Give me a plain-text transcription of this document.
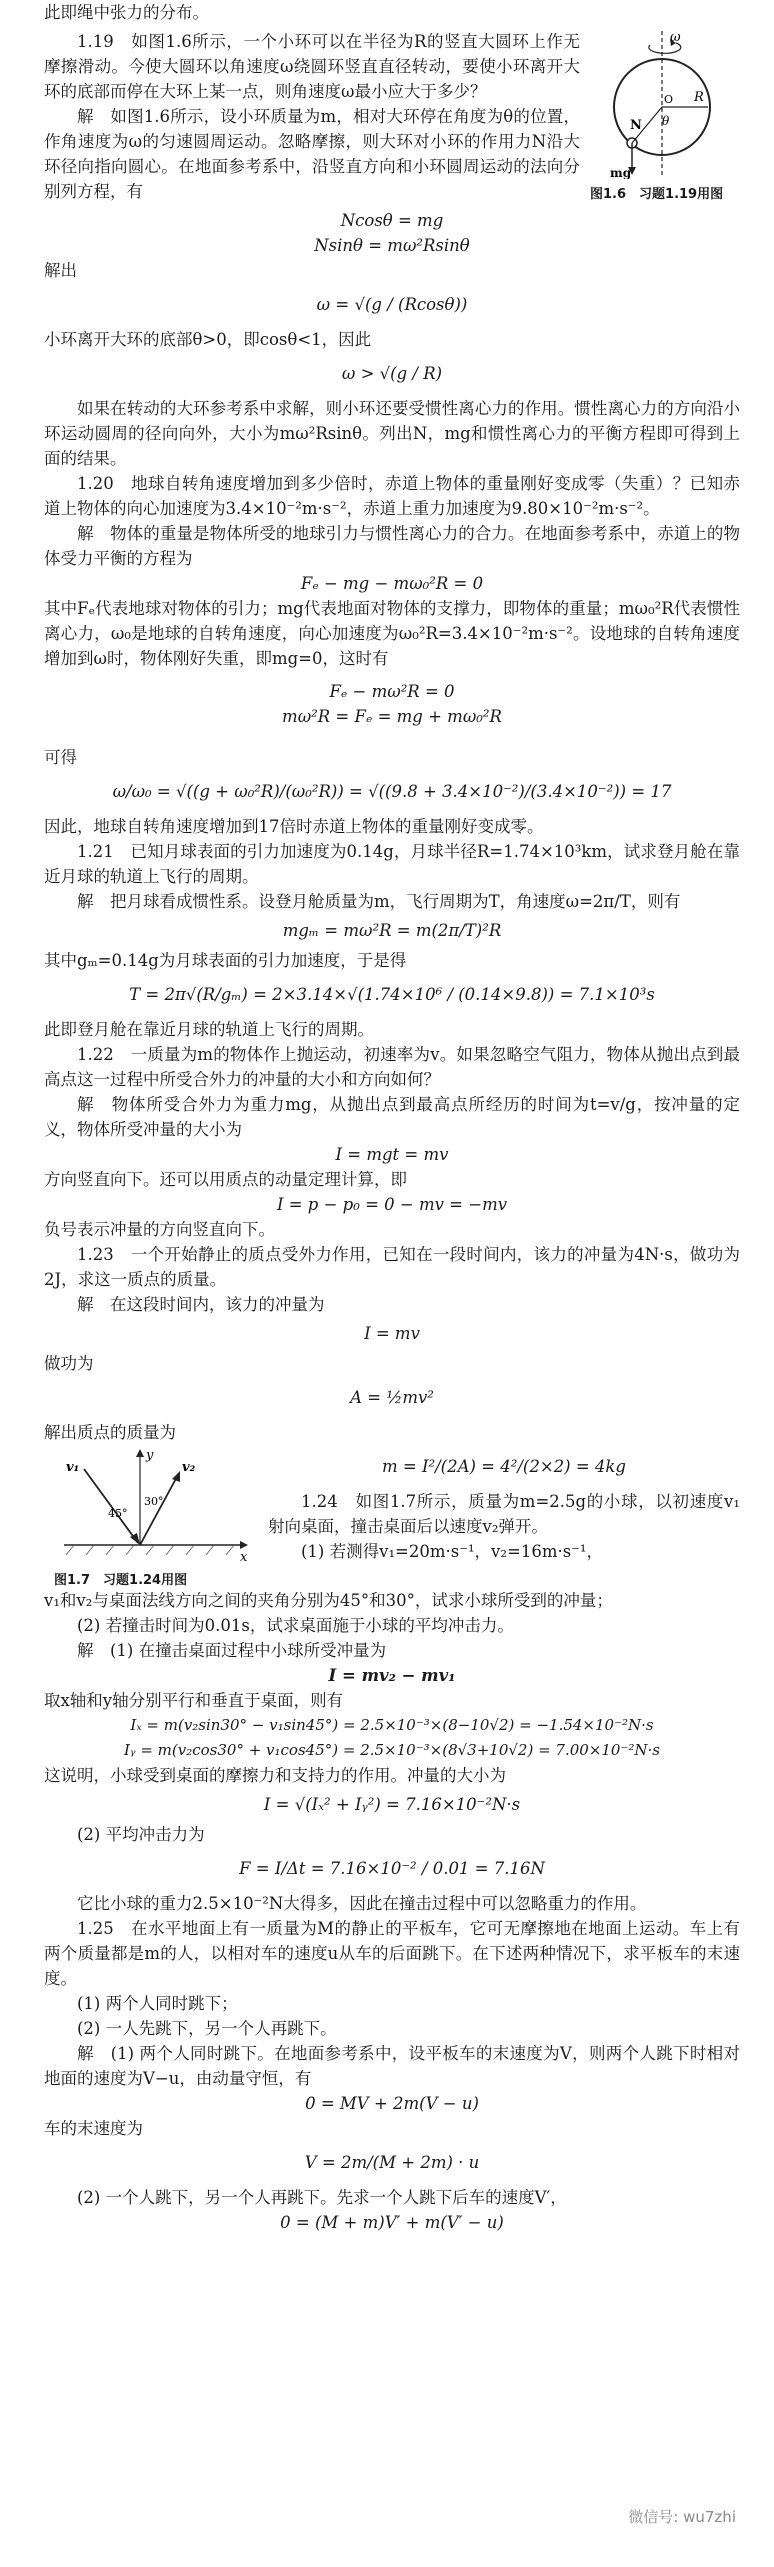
此即绳中张力的分布。

1.19　如图1.6所示，一个小环可以在半径为R的竖直大圆环上作无摩擦滑动。今使大圆环以角速度ω绕圆环竖直直径转动，要使小环离开大环的底部而停在大环上某一点，则角速度ω最小应大于多少？

解　如图1.6所示，设小环质量为m，相对大环停在角度为θ的位置，作角速度为ω的匀速圆周运动。忽略摩擦，则大环对小环的作用力N沿大环径向指向圆心。在地面参考系中，沿竖直方向和小环圆周运动的法向分别列方程，有

ω
N
R
θ
O
mg
图1.6　习题1.19用图

Ncosθ = mg

Nsinθ = mω²Rsinθ

解出

ω = √(g / (Rcosθ))

小环离开大环的底部θ>0，即cosθ<1，因此

ω > √(g / R)

如果在转动的大环参考系中求解，则小环还要受惯性离心力的作用。惯性离心力的方向沿小环运动圆周的径向向外，大小为mω²Rsinθ。列出N，mg和惯性离心力的平衡方程即可得到上面的结果。

1.20　地球自转角速度增加到多少倍时，赤道上物体的重量刚好变成零（失重）？已知赤道上物体的向心加速度为3.4×10⁻²m·s⁻²，赤道上重力加速度为9.80×10⁻²m·s⁻²。

解　物体的重量是物体所受的地球引力与惯性离心力的合力。在地面参考系中，赤道上的物体受力平衡的方程为

Fₑ − mg − mω₀²R = 0

其中Fₑ代表地球对物体的引力；mg代表地面对物体的支撑力，即物体的重量；mω₀²R代表惯性离心力，ω₀是地球的自转角速度，向心加速度为ω₀²R=3.4×10⁻²m·s⁻²。设地球的自转角速度增加到ω时，物体刚好失重，即mg=0，这时有

Fₑ − mω²R = 0

mω²R = Fₑ = mg + mω₀²R

可得

ω/ω₀ = √((g + ω₀²R)/(ω₀²R)) = √((9.8 + 3.4×10⁻²)/(3.4×10⁻²)) = 17

因此，地球自转角速度增加到17倍时赤道上物体的重量刚好变成零。

1.21　已知月球表面的引力加速度为0.14g，月球半径R=1.74×10³km，试求登月舱在靠近月球的轨道上飞行的周期。

解　把月球看成惯性系。设登月舱质量为m，飞行周期为T，角速度ω=2π/T，则有

mgₘ = mω²R = m(2π/T)²R

其中gₘ=0.14g为月球表面的引力加速度，于是得

T = 2π√(R/gₘ) = 2×3.14×√(1.74×10⁶ / (0.14×9.8)) = 7.1×10³s

此即登月舱在靠近月球的轨道上飞行的周期。

1.22　一质量为m的物体作上抛运动，初速率为v。如果忽略空气阻力，物体从抛出点到最高点这一过程中所受合外力的冲量的大小和方向如何？

解　物体所受合外力为重力mg，从抛出点到最高点所经历的时间为t=v/g，按冲量的定义，物体所受冲量的大小为

I = mgt = mv

方向竖直向下。还可以用质点的动量定理计算，即

I = p − p₀ = 0 − mv = −mv

负号表示冲量的方向竖直向下。

1.23　一个开始静止的质点受外力作用，已知在一段时间内，该力的冲量为4N·s，做功为2J，求这一质点的质量。

解　在这段时间内，该力的冲量为

I = mv

做功为

A = ½mv²

解出质点的质量为

v₁	v₂
y
x
45°
30°
图1.7　习题1.24用图

m = I²/(2A) = 4²/(2×2) = 4kg

1.24　如图1.7所示，质量为m=2.5g的小球，以初速度v₁射向桌面，撞击桌面后以速度v₂弹开。

(1) 若测得v₁=20m·s⁻¹，v₂=16m·s⁻¹，

v₁和v₂与桌面法线方向之间的夹角分别为45°和30°，试求小球所受到的冲量；

(2) 若撞击时间为0.01s，试求桌面施于小球的平均冲击力。

解　(1) 在撞击桌面过程中小球所受冲量为

I = mv₂ − mv₁

取x轴和y轴分别平行和垂直于桌面，则有

Iₓ = m(v₂sin30° − v₁sin45°) = 2.5×10⁻³×(8−10√2) = −1.54×10⁻²N·s

Iᵧ = m(v₂cos30° + v₁cos45°) = 2.5×10⁻³×(8√3+10√2) = 7.00×10⁻²N·s

这说明，小球受到桌面的摩擦力和支持力的作用。冲量的大小为

I = √(Iₓ² + Iᵧ²) = 7.16×10⁻²N·s

(2) 平均冲击力为

F = I/Δt = 7.16×10⁻² / 0.01 = 7.16N

它比小球的重力2.5×10⁻²N大得多，因此在撞击过程中可以忽略重力的作用。

1.25　在水平地面上有一质量为M的静止的平板车，它可无摩擦地在地面上运动。车上有两个质量都是m的人，以相对车的速度u从车的后面跳下。在下述两种情况下，求平板车的末速度。

(1) 两个人同时跳下；

(2) 一人先跳下，另一个人再跳下。

解　(1) 两个人同时跳下。在地面参考系中，设平板车的末速度为V，则两个人跳下时相对地面的速度为V−u，由动量守恒，有

0 = MV + 2m(V − u)

车的末速度为

V = 2m/(M + 2m) · u

(2) 一个人跳下，另一个人再跳下。先求一个人跳下后车的速度V′，

0 = (M + m)V′ + m(V′ − u)

微信号: wu7zhi
